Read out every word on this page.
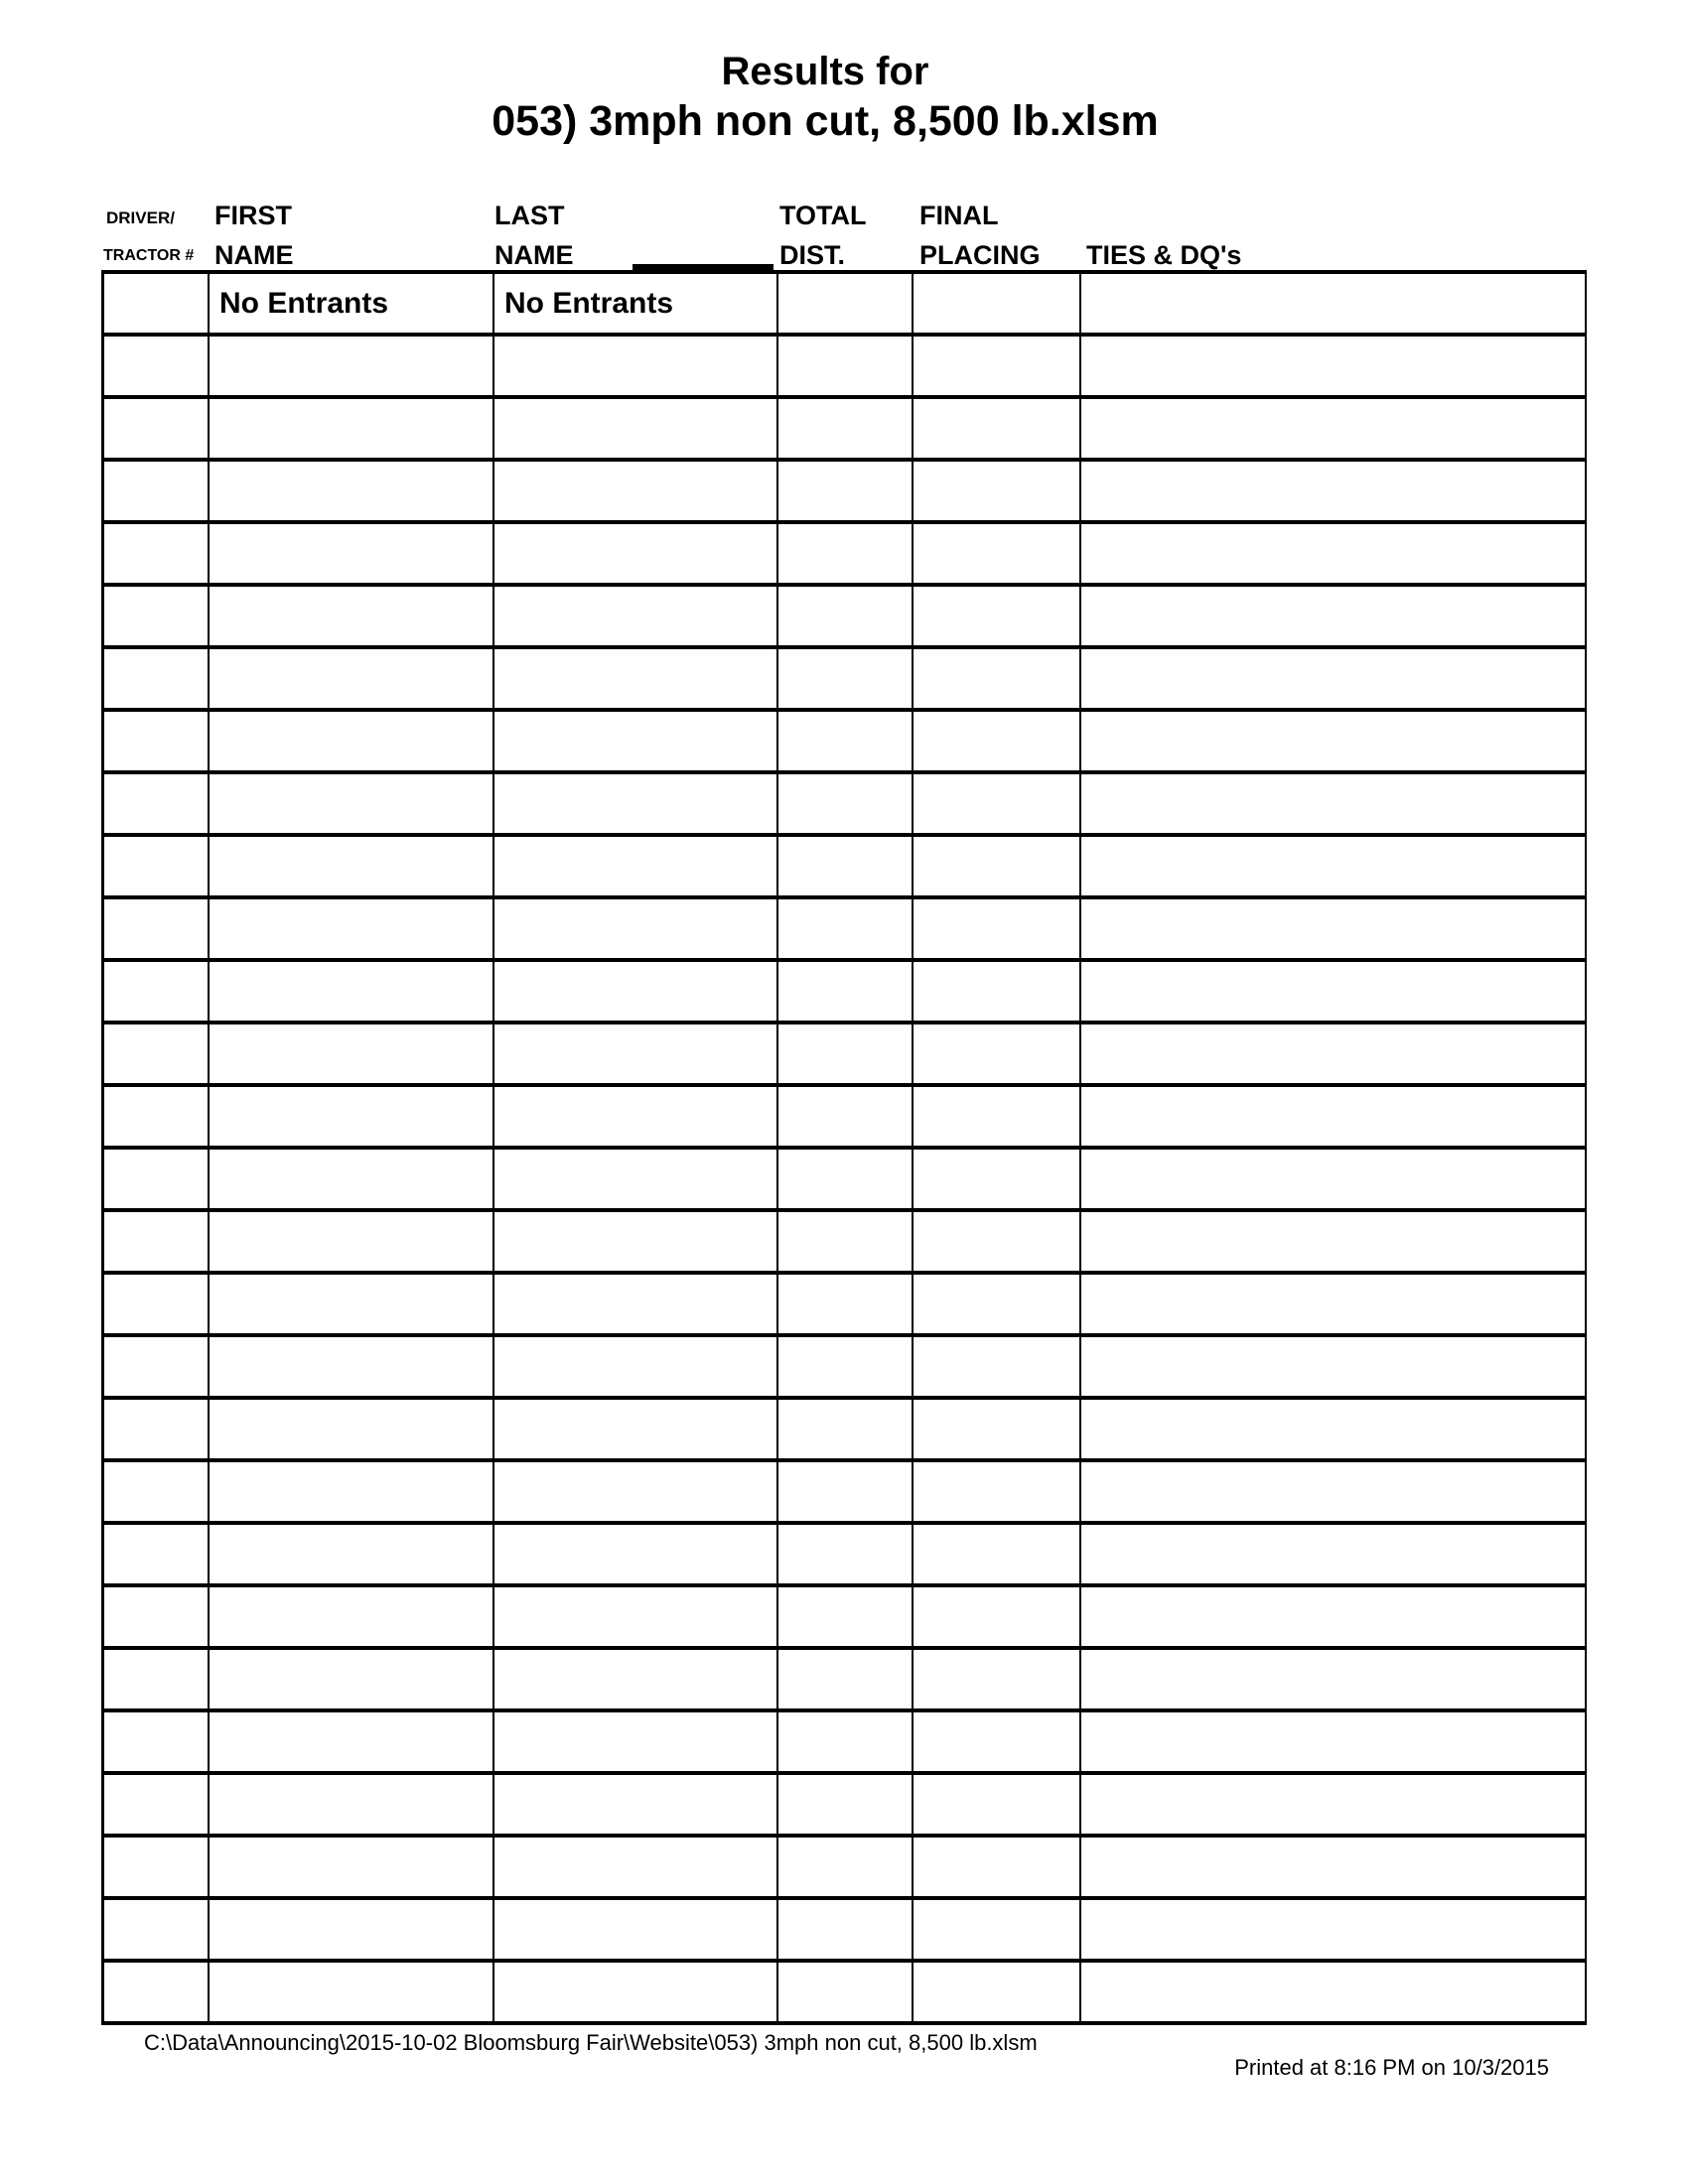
Results for
053) 3mph non cut, 8,500 lb.xlsm
DRIVER/
TRACTOR #
FIRST
NAME
LAST
NAME
TOTAL
DIST.
FINAL
PLACING TIES & DQ's
No Entrants	No Entrants
C:\Data\Announcing\2015-10-02 Bloomsburg Fair\Website\053) 3mph non cut, 8,500 lb.xlsm
Printed at 8:16 PM on 10/3/2015
